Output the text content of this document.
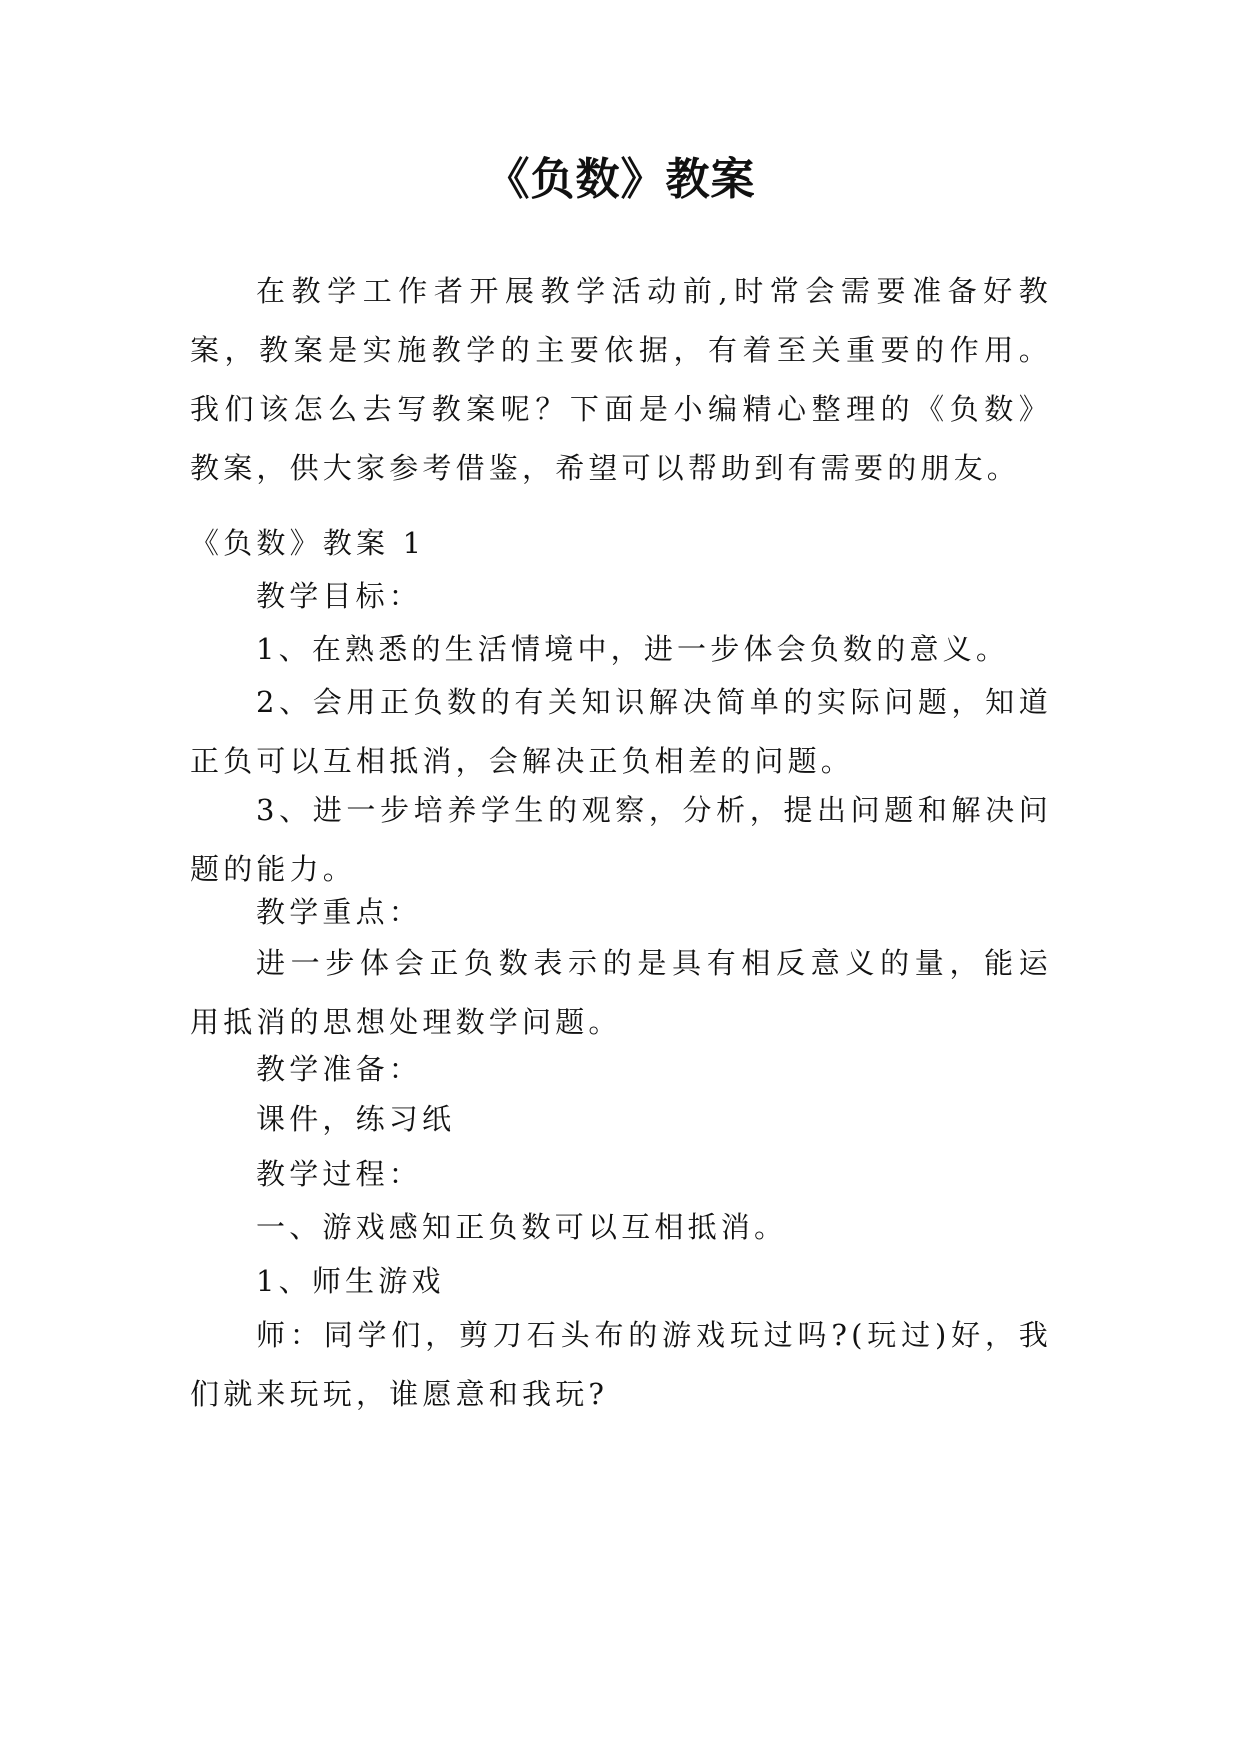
《负数》教案

在教学工作者开展教学活动前,时常会需要准备好教案，教案是实施教学的主要依据，有着至关重要的作用。我们该怎么去写教案呢？下面是小编精心整理的《负数》教案，供大家参考借鉴，希望可以帮助到有需要的朋友。

《负数》教案 1

教学目标：

1、在熟悉的生活情境中，进一步体会负数的意义。

2、会用正负数的有关知识解决简单的实际问题，知道正负可以互相抵消，会解决正负相差的问题。

3、进一步培养学生的观察，分析，提出问题和解决问题的能力。

教学重点：

进一步体会正负数表示的是具有相反意义的量，能运用抵消的思想处理数学问题。

教学准备：

课件，练习纸

教学过程：

一、游戏感知正负数可以互相抵消。

1、师生游戏

师：同学们，剪刀石头布的游戏玩过吗?(玩过)好，我们就来玩玩，谁愿意和我玩?
